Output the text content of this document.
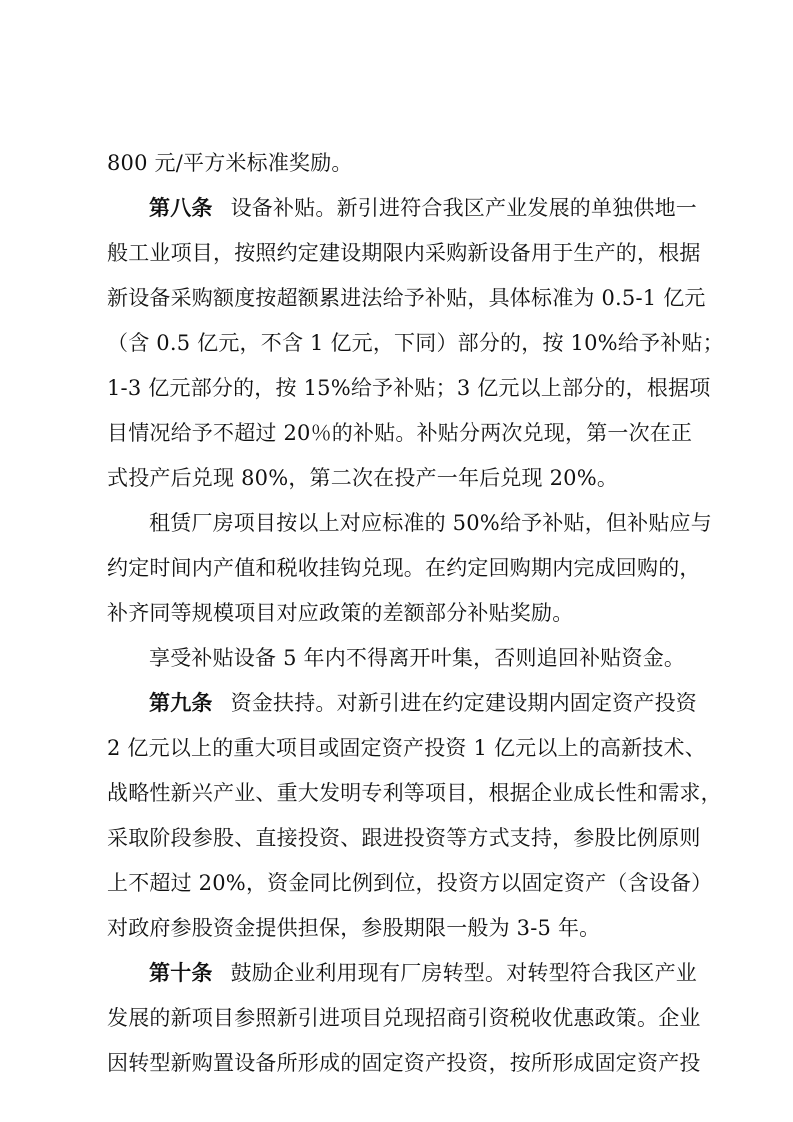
800 元/平方米标准奖励。
第八条 设备补贴。新引进符合我区产业发展的单独供地一
般工业项目，按照约定建设期限内采购新设备用于生产的，根据
新设备采购额度按超额累进法给予补贴，具体标准为 0.5-1 亿元
（含 0.5 亿元，不含 1 亿元，下同）部分的，按 10%给予补贴；
1-3 亿元部分的，按 15%给予补贴；3 亿元以上部分的，根据项
目情况给予不超过 20％的补贴。补贴分两次兑现，第一次在正
式投产后兑现 80%，第二次在投产一年后兑现 20%。
租赁厂房项目按以上对应标准的 50%给予补贴，但补贴应与
约定时间内产值和税收挂钩兑现。在约定回购期内完成回购的，
补齐同等规模项目对应政策的差额部分补贴奖励。
享受补贴设备 5 年内不得离开叶集，否则追回补贴资金。
第九条 资金扶持。对新引进在约定建设期内固定资产投资
2 亿元以上的重大项目或固定资产投资 1 亿元以上的高新技术、
战略性新兴产业、重大发明专利等项目，根据企业成长性和需求，
采取阶段参股、直接投资、跟进投资等方式支持，参股比例原则
上不超过 20%，资金同比例到位，投资方以固定资产（含设备）
对政府参股资金提供担保，参股期限一般为 3-5 年。
第十条 鼓励企业利用现有厂房转型。对转型符合我区产业
发展的新项目参照新引进项目兑现招商引资税收优惠政策。企业
因转型新购置设备所形成的固定资产投资，按所形成固定资产投
